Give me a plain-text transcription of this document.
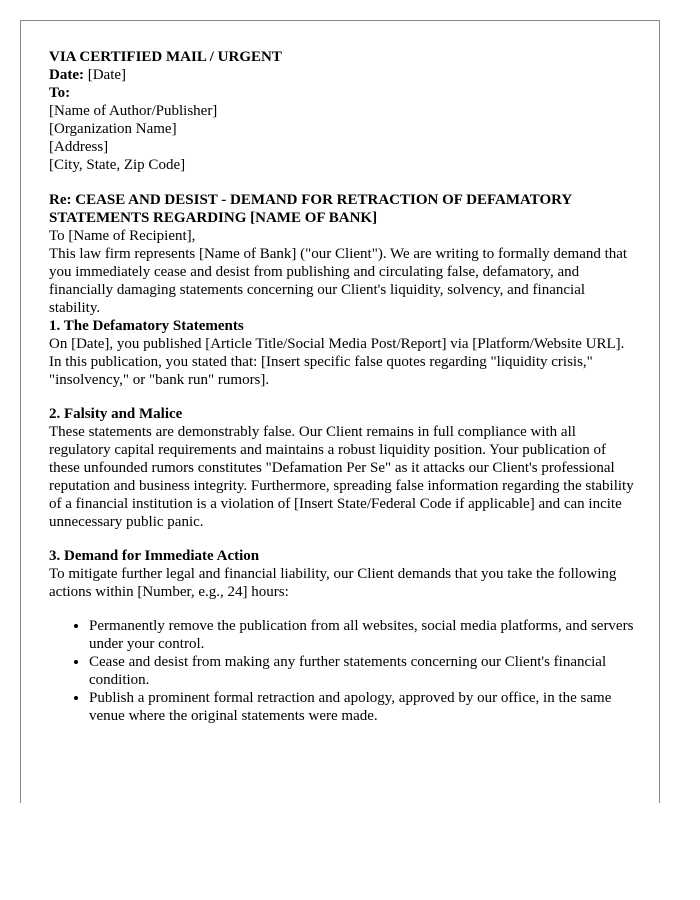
VIA CERTIFIED MAIL / URGENT

Date: [Date]

To:

[Name of Author/Publisher]

[Organization Name]

[Address]

[City, State, Zip Code]

Re: CEASE AND DESIST - DEMAND FOR RETRACTION OF DEFAMATORY STATEMENTS REGARDING [NAME OF BANK]

To [Name of Recipient],

This law firm represents [Name of Bank] ("our Client"). We are writing to formally demand that you immediately cease and desist from publishing and circulating false, defamatory, and financially damaging statements concerning our Client's liquidity, solvency, and financial stability.

1. The Defamatory Statements

On [Date], you published [Article Title/Social Media Post/Report] via [Platform/Website URL]. In this publication, you stated that: [Insert specific false quotes regarding "liquidity crisis," "insolvency," or "bank run" rumors].

2. Falsity and Malice

These statements are demonstrably false. Our Client remains in full compliance with all regulatory capital requirements and maintains a robust liquidity position. Your publication of these unfounded rumors constitutes "Defamation Per Se" as it attacks our Client's professional reputation and business integrity. Furthermore, spreading false information regarding the stability of a financial institution is a violation of [Insert State/Federal Code if applicable] and can incite unnecessary public panic.

3. Demand for Immediate Action

To mitigate further legal and financial liability, our Client demands that you take the following actions within [Number, e.g., 24] hours:

• Permanently remove the publication from all websites, social media platforms, and servers under your control.
• Cease and desist from making any further statements concerning our Client's financial condition.
• Publish a prominent formal retraction and apology, approved by our office, in the same venue where the original statements were made.
